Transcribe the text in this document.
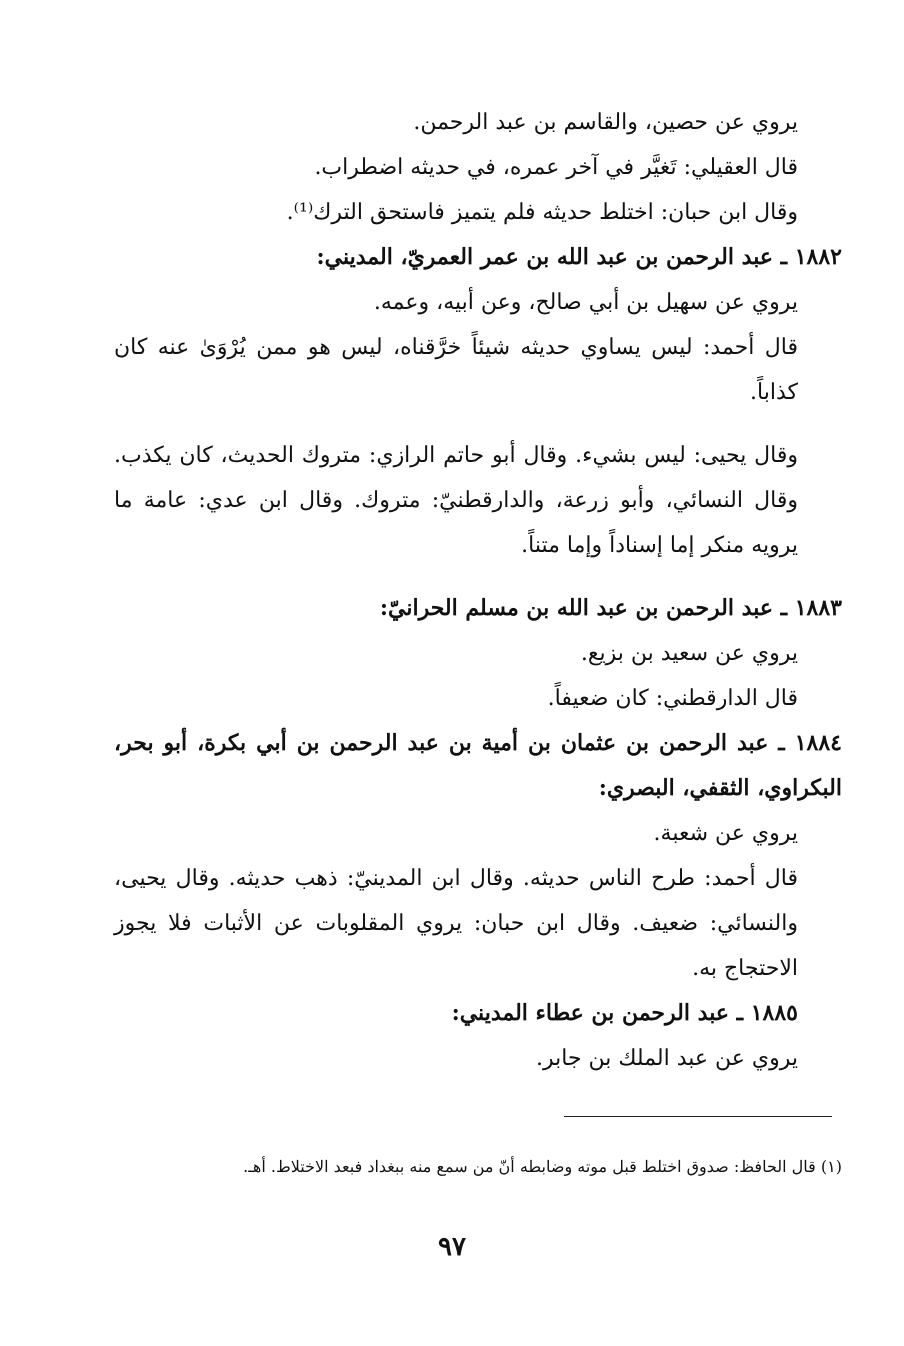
يروي عن حصين، والقاسم بن عبد الرحمن.

قال العقيلي: تَغيَّر في آخر عمره، في حديثه اضطراب.

وقال ابن حبان: اختلط حديثه فلم يتميز فاستحق الترك⁽¹⁾.

١٨٨٢ ـ عبد الرحمن بن عبد الله بن عمر العمريّ، المديني:

يروي عن سهيل بن أبي صالح، وعن أبيه، وعمه.

قال أحمد: ليس يساوي حديثه شيئاً خرَّقناه، ليس هو ممن يُرْوَىٰ عنه كان كذاباً.

وقال يحيى: ليس بشيء. وقال أبو حاتم الرازي: متروك الحديث، كان يكذب. وقال النسائي، وأبو زرعة، والدارقطنيّ: متروك. وقال ابن عدي: عامة ما يرويه منكر إما إسناداً وإما متناً.

١٨٨٣ ـ عبد الرحمن بن عبد الله بن مسلم الحرانيّ:

يروي عن سعيد بن بزيع.

قال الدارقطني: كان ضعيفاً.

١٨٨٤ ـ عبد الرحمن بن عثمان بن أمية بن عبد الرحمن بن أبي بكرة، أبو بحر، البكراوي، الثقفي، البصري:

يروي عن شعبة.

قال أحمد: طرح الناس حديثه. وقال ابن المدينيّ: ذهب حديثه. وقال يحيى، والنسائي: ضعيف. وقال ابن حبان: يروي المقلوبات عن الأثبات فلا يجوز الاحتجاج به.

١٨٨٥ ـ عبد الرحمن بن عطاء المديني:

يروي عن عبد الملك بن جابر.

(١) قال الحافظ: صدوق اختلط قبل موته وضابطه أنّ من سمع منه ببغداد فبعد الاختلاط. أهـ.

٩٧
